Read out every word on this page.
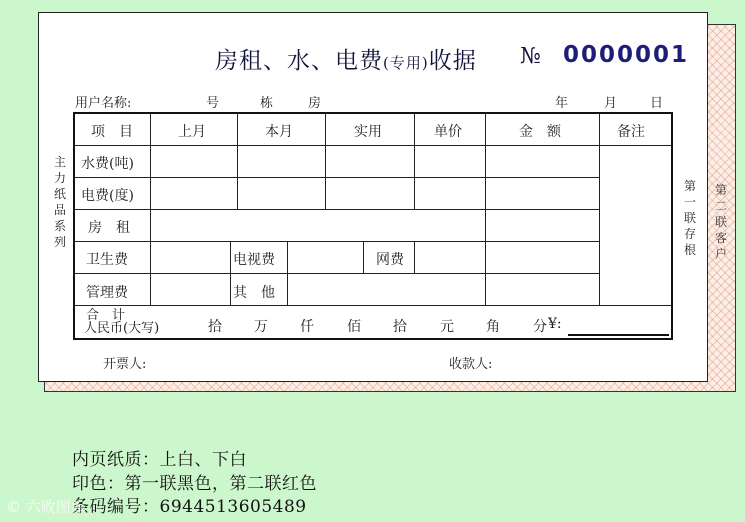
第二联客户
房租、水、电费(专用)收据 № 0000001
用户名称:	号	栋	房	年	月	日
主力纸品系列
第一联存根
项　目	上月	本月	实用	单价	金　额	备注
水费(吨)
电费(度)
房　租
卫生费	电视费	网费
管理费	其　他
合　计
人民币(大写)	拾 万 仟 佰 拾 元 角 分 ¥:
开票人:	收款人:
内页纸质：上白、下白
印色：第一联黑色，第二联红色
条码编号：6944513605489
© 六败图库
